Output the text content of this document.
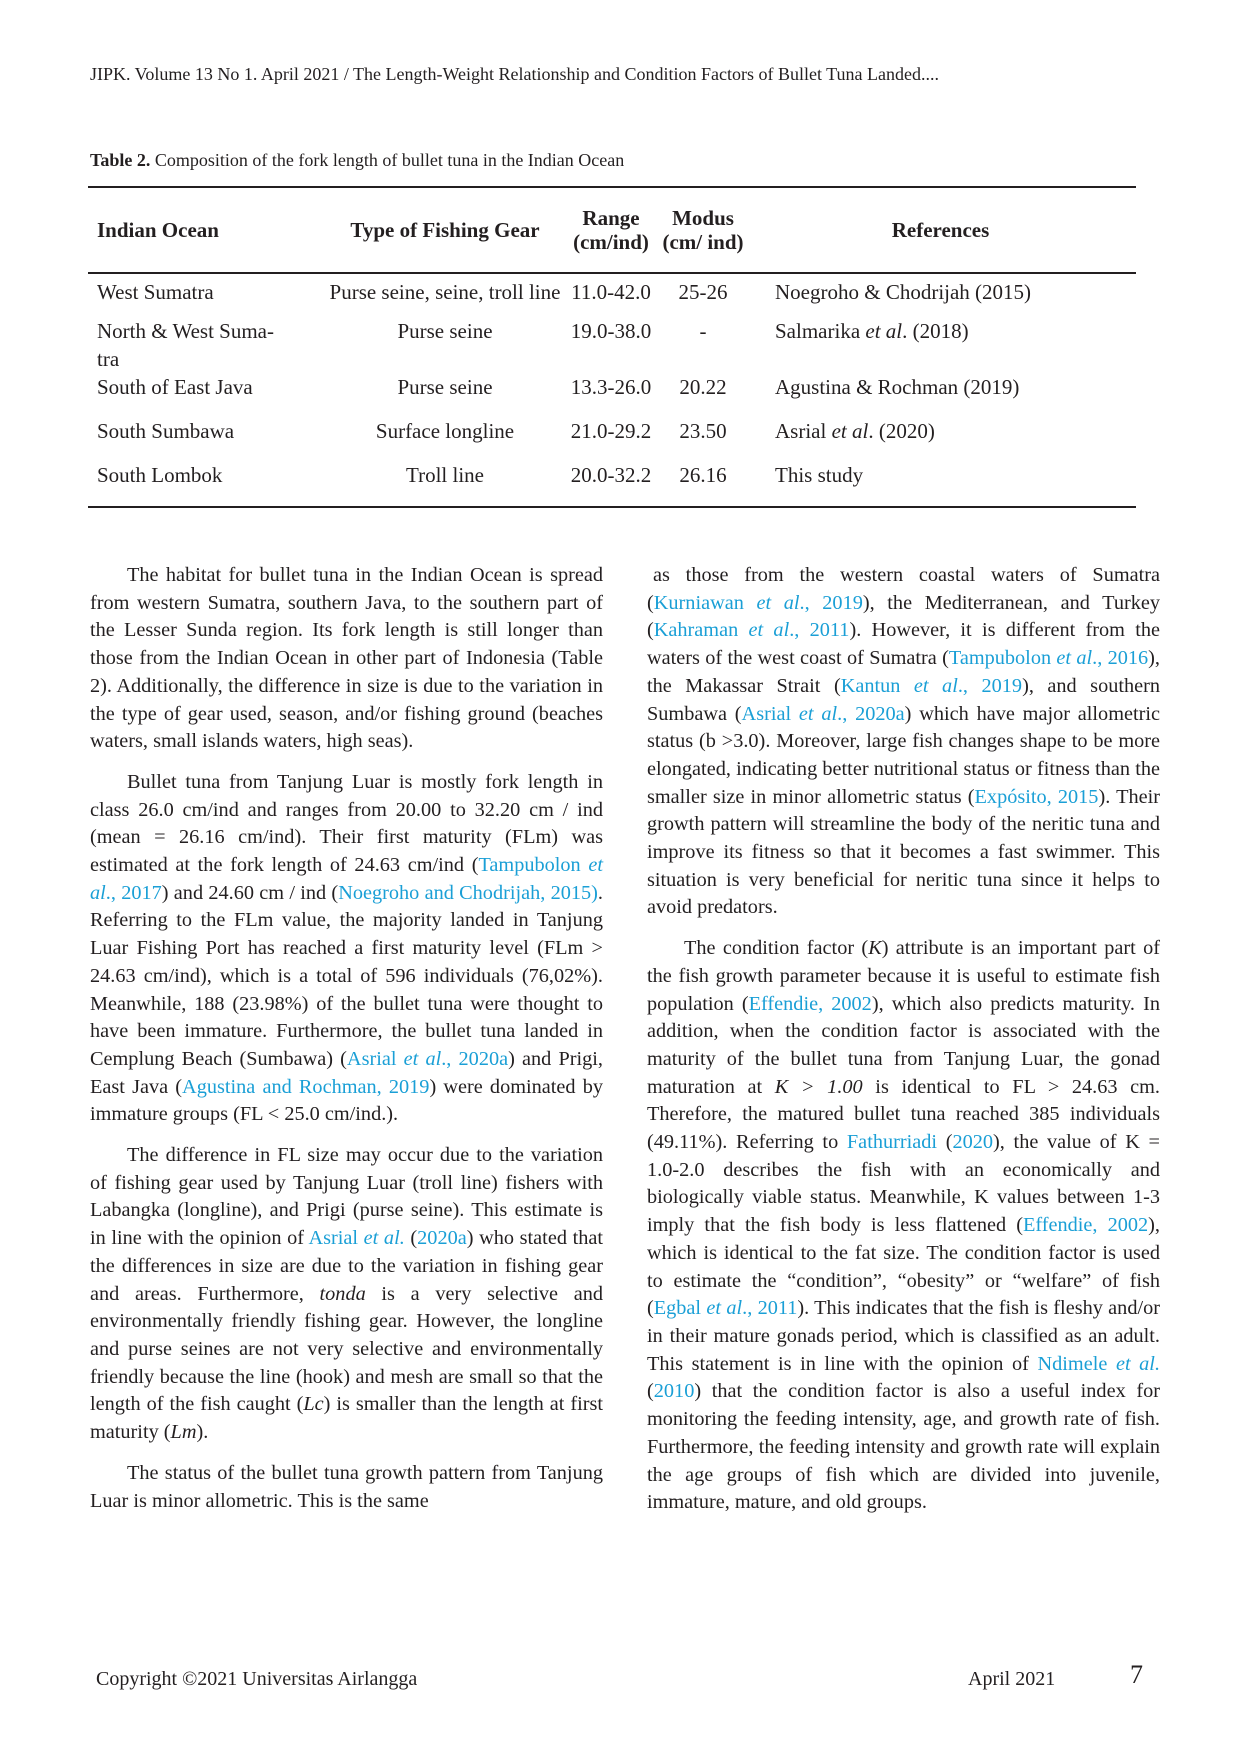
JIPK. Volume 13 No 1. April 2021 / The Length-Weight Relationship and Condition Factors of Bullet Tuna Landed....
Table 2. Composition of the fork length of bullet tuna in the Indian Ocean
Indian Ocean	Type of Fishing Gear	Range (cm/ind)	Modus (cm/ ind)	References
West Sumatra	Purse seine, seine, troll line	11.0-42.0	25-26	Noegroho & Chodrijah (2015)
North & West Suma-tra	Purse seine	19.0-38.0	-	Salmarika et al. (2018)
South of East Java	Purse seine	13.3-26.0	20.22	Agustina & Rochman (2019)
South Sumbawa	Surface longline	21.0-29.2	23.50	Asrial et al. (2020)
South Lombok	Troll line	20.0-32.2	26.16	This study

The habitat for bullet tuna in the Indian Ocean is spread from western Sumatra, southern Java, to the southern part of the Lesser Sunda region. Its fork length is still longer than those from the Indian Ocean in other part of Indonesia (Table 2). Additionally, the difference in size is due to the variation in the type of gear used, season, and/or fishing ground (beaches waters, small islands waters, high seas).

Bullet tuna from Tanjung Luar is mostly fork length in class 26.0 cm/ind and ranges from 20.00 to 32.20 cm / ind (mean = 26.16 cm/ind). Their first maturity (FLm) was estimated at the fork length of 24.63 cm/ind (Tampubolon et al., 2017) and 24.60 cm / ind (Noegroho and Chodrijah, 2015). Referring to the FLm value, the majority landed in Tanjung Luar Fishing Port has reached a first maturity level (FLm > 24.63 cm/ind), which is a total of 596 individuals (76,02%). Meanwhile, 188 (23.98%) of the bullet tuna were thought to have been immature. Furthermore, the bullet tuna landed in Cemplung Beach (Sumbawa) (Asrial et al., 2020a) and Prigi, East Java (Agustina and Rochman, 2019) were dominated by immature groups (FL < 25.0 cm/ind.).

The difference in FL size may occur due to the variation of fishing gear used by Tanjung Luar (troll line) fishers with Labangka (longline), and Prigi (purse seine). This estimate is in line with the opinion of Asrial et al. (2020a) who stated that the differences in size are due to the variation in fishing gear and areas. Furthermore, tonda is a very selective and environmentally friendly fishing gear. However, the longline and purse seines are not very selective and environmentally friendly because the line (hook) and mesh are small so that the length of the fish caught (Lc) is smaller than the length at first maturity (Lm).

The status of the bullet tuna growth pattern from Tanjung Luar is minor allometric. This is the same

as those from the western coastal waters of Sumatra (Kurniawan et al., 2019), the Mediterranean, and Turkey (Kahraman et al., 2011). However, it is different from the waters of the west coast of Sumatra (Tampubolon et al., 2016), the Makassar Strait (Kantun et al., 2019), and southern Sumbawa (Asrial et al., 2020a) which have major allometric status (b >3.0). Moreover, large fish changes shape to be more elongated, indicating better nutritional status or fitness than the smaller size in minor allometric status (Expósito, 2015). Their growth pattern will streamline the body of the neritic tuna and improve its fitness so that it becomes a fast swimmer. This situation is very beneficial for neritic tuna since it helps to avoid predators.

The condition factor (K) attribute is an important part of the fish growth parameter because it is useful to estimate fish population (Effendie, 2002), which also predicts maturity. In addition, when the condition factor is associated with the maturity of the bullet tuna from Tanjung Luar, the gonad maturation at K > 1.00 is identical to FL > 24.63 cm. Therefore, the matured bullet tuna reached 385 individuals (49.11%). Referring to Fathurriadi (2020), the value of K = 1.0-2.0 describes the fish with an economically and biologically viable status. Meanwhile, K values between 1-3 imply that the fish body is less flattened (Effendie, 2002), which is identical to the fat size. The condition factor is used to estimate the “condition”, “obesity” or “welfare” of fish (Egbal et al., 2011). This indicates that the fish is fleshy and/or in their mature gonads period, which is classified as an adult. This statement is in line with the opinion of Ndimele et al. (2010) that the condition factor is also a useful index for monitoring the feeding intensity, age, and growth rate of fish. Furthermore, the feeding intensity and growth rate will explain the age groups of fish which are divided into juvenile, immature, mature, and old groups.

Copyright ©2021 Universitas Airlangga	April 2021	7
